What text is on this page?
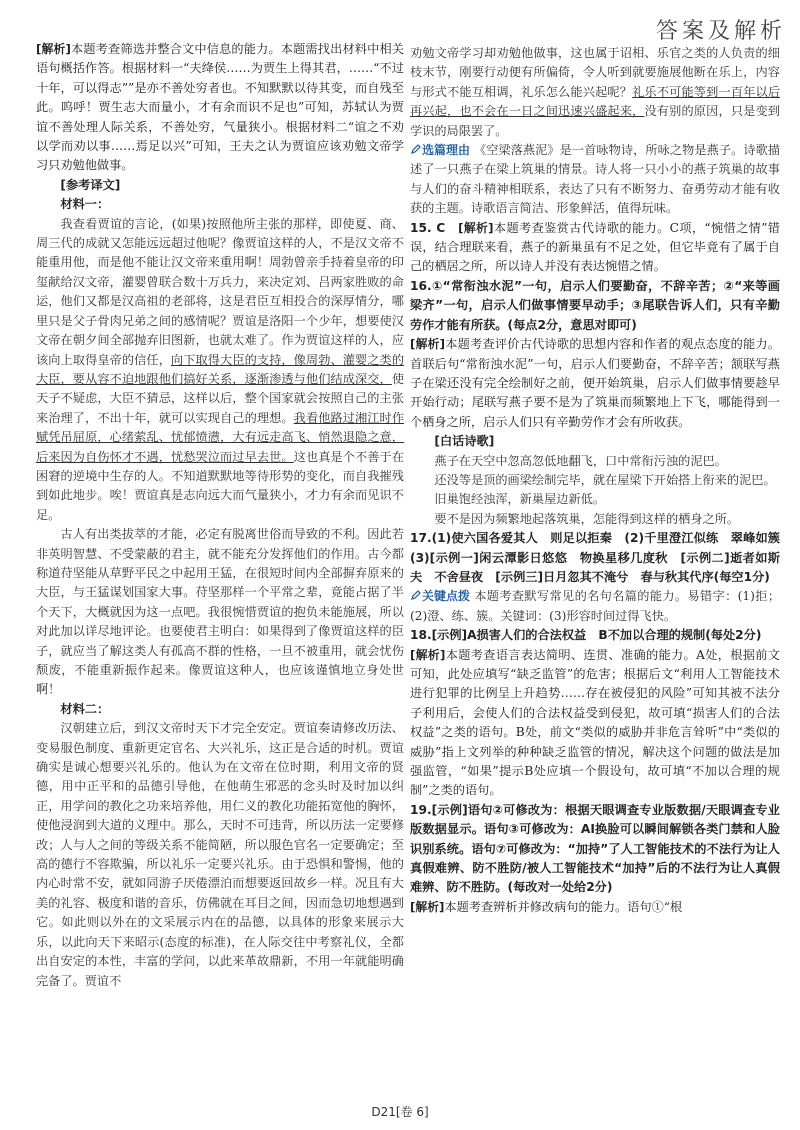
答案及解析

[解析]本题考查筛选并整合文中信息的能力。本题需找出材料中相关语句概括作答。根据材料一“夫绛侯……为贾生上得其君，……“不过十年，可以得志””是亦不善处穷者也。不知默默以待其变，而自残至此。呜呼！贾生志大而量小，才有余而识不足也”可知，苏轼认为贾谊不善处理人际关系，不善处穷，气量狭小。根据材料二“谊之不劝以学而劝以事……焉足以兴”可知，王夫之认为贾谊应该劝勉文帝学习只劝勉他做事。

[参考译文]

材料一：

我查看贾谊的言论，(如果)按照他所主张的那样，即使夏、商、周三代的成就又怎能远远超过他呢？像贾谊这样的人，不是汉文帝不能重用他，而是他不能让汉文帝来重用啊！周勃曾亲手持着皇帝的印玺献给汉文帝，灌婴曾联合数十万兵力，来决定刘、吕两家胜败的命运，他们又都是汉高祖的老部将，这是君臣互相投合的深厚情分，哪里只是父子骨肉兄弟之间的感情呢？贾谊是洛阳一个少年，想要使汉文帝在朝夕间全部抛弃旧图新，也就太难了。作为贾谊这样的人，应该向上取得皇帝的信任，向下取得大臣的支持，像周勃、灌婴之类的大臣，要从容不迫地跟他们搞好关系，逐渐渗透与他们结成深交，使天子不疑虑，大臣不猜忌，这样以后，整个国家就会按照自己的主张来治理了，不出十年，就可以实现自己的理想。我看他路过湘江时作赋凭吊屈原，心绪萦乱、忧郁愤懑，大有远走高飞、悄然退隐之意，后来因为自伤怀才不遇，忧愁哭泣而过早去世。这也真是个不善于在困窘的逆境中生存的人。不知道默默地等待形势的变化，而自我摧残到如此地步。唉！贾谊真是志向远大而气量狭小，才力有余而见识不足。

古人有出类拔萃的才能，必定有脱离世俗而导致的不利。因此若非英明智慧、不受蒙蔽的君主，就不能充分发挥他们的作用。古今都称道苻坚能从草野平民之中起用王猛，在很短时间内全部摒弃原来的大臣，与王猛谋划国家大事。苻坚那样一个平常之辈，竟能占据了半个天下，大概就因为这一点吧。我很惋惜贾谊的抱负未能施展，所以对此加以详尽地评论。也要使君主明白：如果得到了像贾谊这样的臣子，就应当了解这类人有孤高不群的性格，一旦不被重用，就会忧伤颓废，不能重新振作起来。像贾谊这种人，也应该谨慎地立身处世啊！

材料二：

汉朝建立后，到汉文帝时天下才完全安定。贾谊奏请修改历法、变易服色制度、重新更定官名、大兴礼乐，这正是合适的时机。贾谊确实是诚心想要兴礼乐的。他认为在文帝在位时期，利用文帝的贤德，用中正平和的品德引导他，在他萌生邪恶的念头时及时加以纠正，用学问的教化之功来培养他，用仁义的教化功能拓宽他的胸怀，使他浸润到大道的义理中。那么，天时不可违背，所以历法一定要修改；人与人之间的等级关系不能简陋，所以服色官名一定要确定；至高的德行不容欺骗，所以礼乐一定要兴礼乐。由于恐惧和警惕，他的内心时常不安，就如同游子厌倦漂泊而想要返回故乡一样。况且有大美的礼容、极度和谐的音乐，仿佛就在耳目之间，因而急切地想遇到它。如此则以外在的文采展示内在的品德，以具体的形象来展示大乐，以此向天下来昭示(态度的标准)，在人际交往中考察礼仪，全都出自安定的本性，丰富的学问，以此来革故鼎新，不用一年就能明确完备了。贾谊不

劝勉文帝学习却劝勉他做事，这也属于诏相、乐官之类的人负责的细枝末节，刚要行动便有所偏倚，令人听到就要施展他断在乐上，内容与形式不能互相调，礼乐怎么能兴起呢？礼乐不可能等到一百年以后再兴起，也不会在一日之间迅速兴盛起来，没有别的原因，只是变到学识的局限罢了。

选篇理由 《空梁落燕泥》是一首咏物诗，所咏之物是燕子。诗歌描述了一只燕子在梁上筑巢的情景。诗人将一只小小的燕子筑巢的故事与人们的奋斗精神相联系，表达了只有不断努力、奋勇劳动才能有收获的主题。诗歌语言简洁、形象鲜活，值得玩味。

15. C　 [解析]本题考查鉴赏古代诗歌的能力。C项，“惋惜之情”错误，结合理联来看，燕子的新巢虽有不足之处，但它毕竟有了属于自己的栖居之所，所以诗人并没有表达惋惜之情。

16.①“常衔浊水泥”一句，启示人们要勤奋，不辞辛苦；②“来等画梁齐”一句，启示人们做事情要早动手；③尾联告诉人们，只有辛勤劳作才能有所获。(每点2分，意思对即可)

[解析]本题考查评价古代诗歌的思想内容和作者的观点态度的能力。首联后句“常衔浊水泥”一句，启示人们要勤奋，不辞辛苦；颔联写燕子在梁还没有完全绘制好之前，便开始筑巢，启示人们做事情要趁早开始行动；尾联写燕子要不是为了筑巢而频繁地上下飞，哪能得到一个栖身之所，启示人们只有辛勤劳作才会有所收获。

[白话诗歌]

燕子在天空中忽高忽低地翻飞，口中常衔污浊的泥巴。

还没等是顶的画梁绘制完毕，就在屋梁下开始搭上衔来的泥巴。

旧巢饱经浊浑，新巢屋边新低。

要不是因为频繁地起落筑巢，怎能得到这样的栖身之所。

17.(1)使六国各爱其人　则足以拒秦　(2)千里澄江似练　翠峰如簇　(3)[示例一]闲云潭影日悠悠　物换星移几度秋　[示例二]逝者如斯夫　不舍昼夜　[示例三]日月忽其不淹兮　春与秋其代序(每空1分)

关键点拨 本题考查默写常见的名句名篇的能力。易错字：(1)拒；(2)澄、练、簇。关键词：(3)形容时间过得飞快。

18.[示例]A损害人们的合法权益　B不加以合理的规制(每处2分)

[解析]本题考查语言表达简明、连贯、准确的能力。A处，根据前文可知，此处应填写“缺乏监管”的危害；根据后文“利用人工智能技术进行犯罪的比例呈上升趋势……存在被侵犯的风险”可知其被不法分子利用后，会使人们的合法权益受到侵犯，故可填“损害人们的合法权益”之类的语句。B处，前文“类似的威胁并非危言耸听”中“类似的威胁”指上文列举的种种缺乏监管的情况，解决这个问题的做法是加强监管，“如果”提示B处应填一个假设句，故可填“不加以合理的规制”之类的语句。

19.[示例]语句②可修改为：根据天眼调查专业版数据/天眼调查专业版数据显示。语句③可修改为：AI换脸可以瞬间解锁各类门禁和人脸识别系统。语句⑦可修改为：“加持”了人工智能技术的不法行为让人真假难辨、防不胜防/被人工智能技术“加持”后的不法行为让人真假难辨、防不胜防。(每改对一处给2分)

[解析]本题考查辨析并修改病句的能力。语句①“根

D21[卷 6]
